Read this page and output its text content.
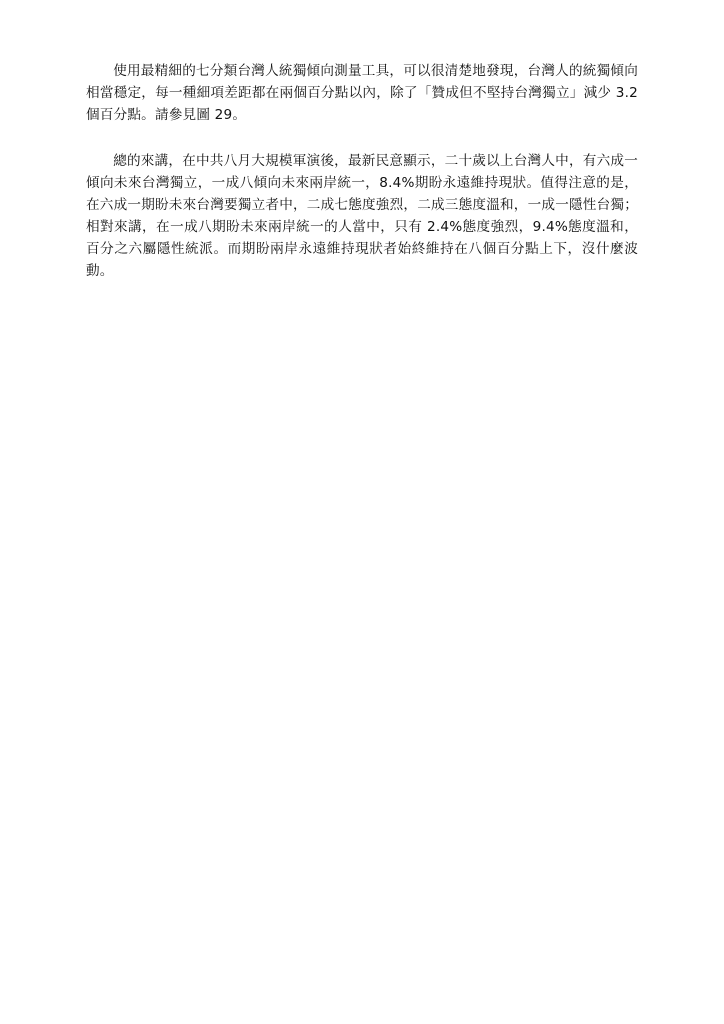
使用最精細的七分類台灣人統獨傾向測量工具，可以很清楚地發現，台灣人的統獨傾向相當穩定，每一種細項差距都在兩個百分點以內，除了「贊成但不堅持台灣獨立」減少 3.2 個百分點。請參見圖 29。

總的來講，在中共八月大規模軍演後，最新民意顯示，二十歲以上台灣人中，有六成一傾向未來台灣獨立，一成八傾向未來兩岸統一，8.4%期盼永遠維持現狀。值得注意的是，在六成一期盼未來台灣要獨立者中，二成七態度強烈，二成三態度溫和，一成一隱性台獨；相對來講，在一成八期盼未來兩岸統一的人當中，只有 2.4%態度強烈，9.4%態度溫和，百分之六屬隱性統派。而期盼兩岸永遠維持現狀者始終維持在八個百分點上下，沒什麼波動。
